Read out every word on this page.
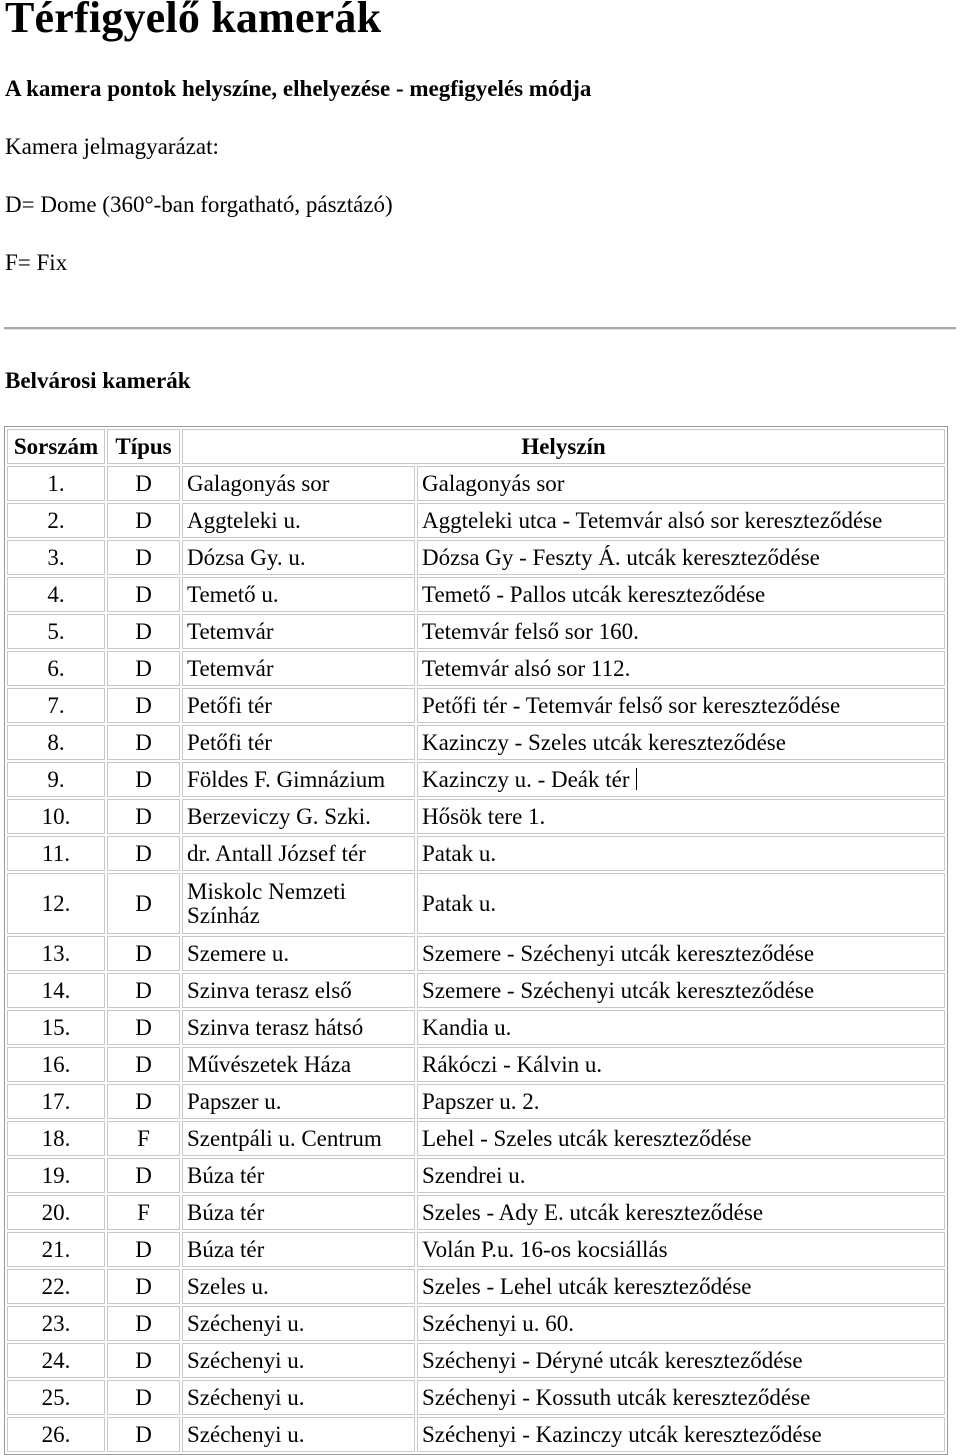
Térfigyelő kamerák
A kamera pontok helyszíne, elhelyezése - megfigyelés módja
Kamera jelmagyarázat:
D= Dome (360°-ban forgatható, pásztázó)
F= Fix
Belvárosi kamerák
Sorszám	Típus	Helyszín	
1.	D	Galagonyás sor	Galagonyás sor
2.	D	Aggteleki u.	Aggteleki utca - Tetemvár alsó sor kereszteződése
3.	D	Dózsa Gy. u.	Dózsa Gy - Feszty Á. utcák kereszteződése
4.	D	Temető u.	Temető - Pallos utcák kereszteződése
5.	D	Tetemvár	Tetemvár felső sor 160.
6.	D	Tetemvár	Tetemvár alsó sor 112.
7.	D	Petőfi tér	Petőfi tér - Tetemvár felső sor kereszteződése
8.	D	Petőfi tér	Kazinczy - Szeles utcák kereszteződése
9.	D	Földes F. Gimnázium	Kazinczy u. - Deák tér
10.	D	Berzeviczy G. Szki.	Hősök tere 1.
11.	D	dr. Antall József tér	Patak u.
12.	D	Miskolc Nemzeti Színház	Patak u.
13.	D	Szemere u.	Szemere - Széchenyi utcák kereszteződése
14.	D	Szinva terasz első	Szemere - Széchenyi utcák kereszteződése
15.	D	Szinva terasz hátsó	Kandia u.
16.	D	Művészetek Háza	Rákóczi - Kálvin u.
17.	D	Papszer u.	Papszer u. 2.
18.	F	Szentpáli u. Centrum	Lehel - Szeles utcák kereszteződése
19.	D	Búza tér	Szendrei u.
20.	F	Búza tér	Szeles - Ady E. utcák kereszteződése
21.	D	Búza tér	Volán P.u. 16-os kocsiállás
22.	D	Szeles u.	Szeles - Lehel utcák kereszteződése
23.	D	Széchenyi u.	Széchenyi u. 60.
24.	D	Széchenyi u.	Széchenyi - Déryné utcák kereszteződése
25.	D	Széchenyi u.	Széchenyi - Kossuth utcák kereszteződése
26.	D	Széchenyi u.	Széchenyi - Kazinczy utcák kereszteződése
